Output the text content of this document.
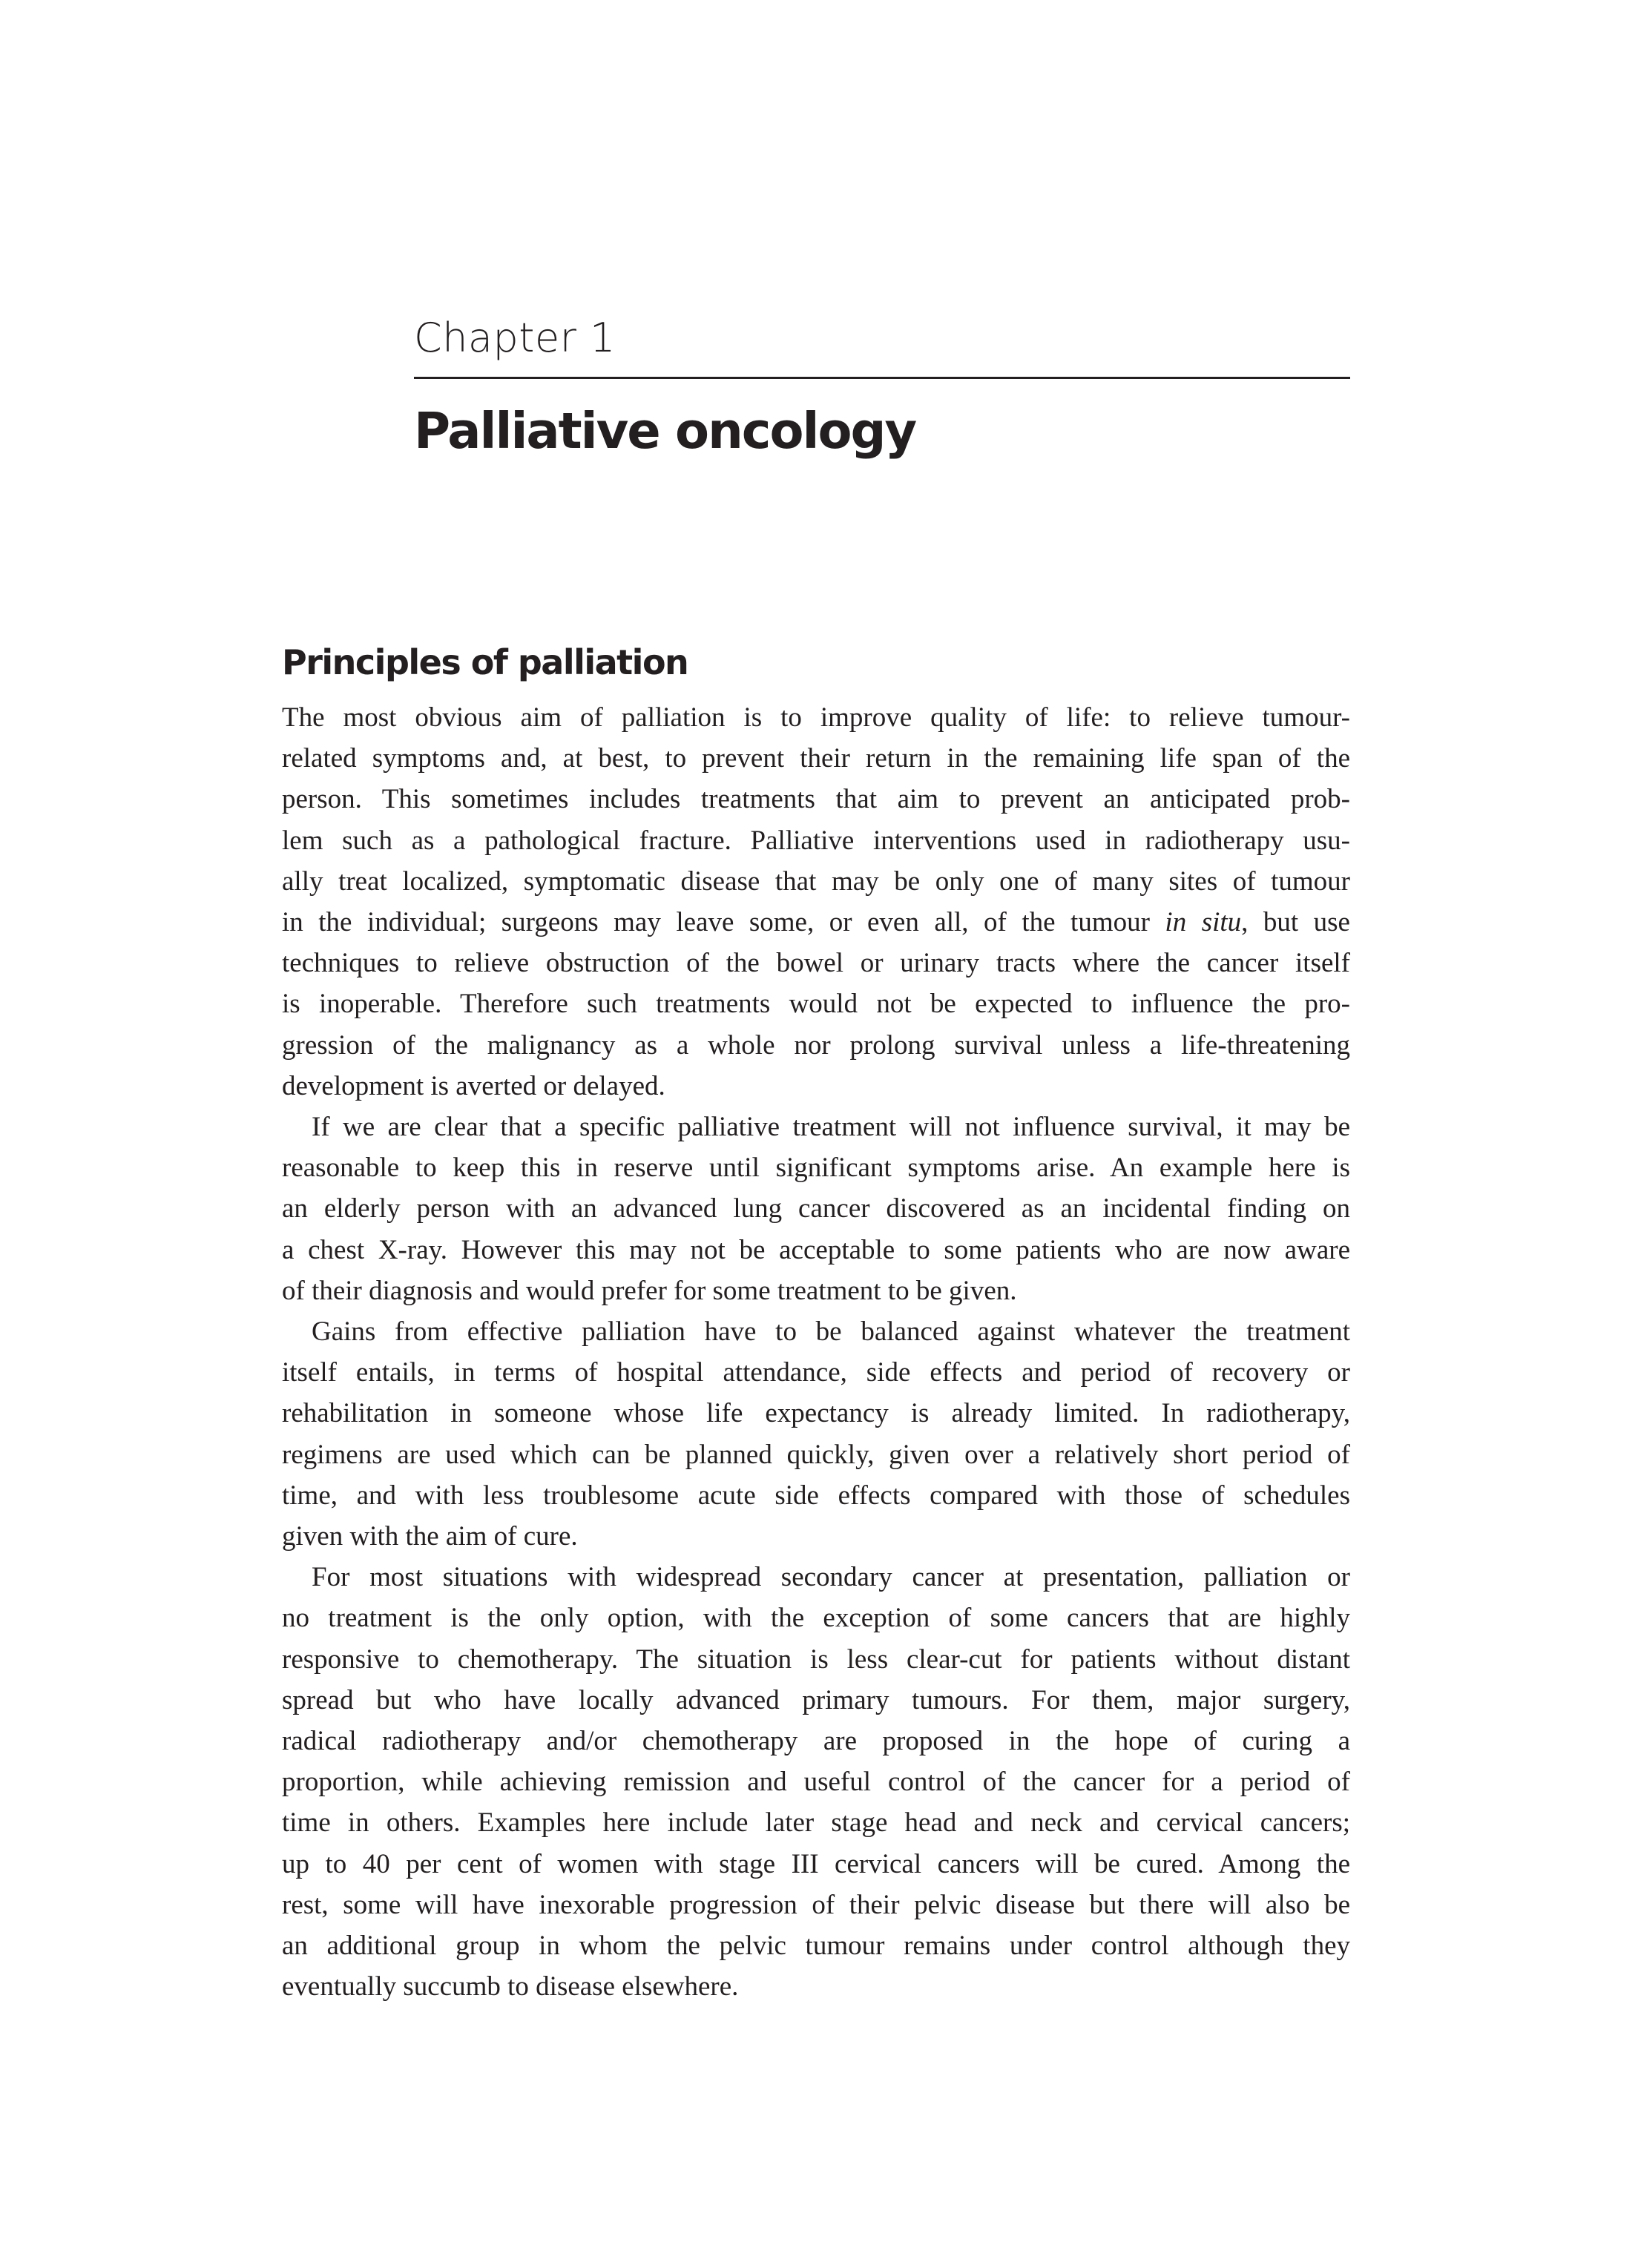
Chapter 1
Palliative oncology
Principles of palliation

The most obvious aim of palliation is to improve quality of life: to relieve tumour-
related symptoms and, at best, to prevent their return in the remaining life span of the
person. This sometimes includes treatments that aim to prevent an anticipated prob-
lem such as a pathological fracture. Palliative interventions used in radiotherapy usu-
ally treat localized, symptomatic disease that may be only one of many sites of tumour
in the individual; surgeons may leave some, or even all, of the tumour in situ, but use
techniques to relieve obstruction of the bowel or urinary tracts where the cancer itself
is inoperable. Therefore such treatments would not be expected to influence the pro-
gression of the malignancy as a whole nor prolong survival unless a life-threatening
development is averted or delayed.

If we are clear that a specific palliative treatment will not influence survival, it may be
reasonable to keep this in reserve until significant symptoms arise. An example here is
an elderly person with an advanced lung cancer discovered as an incidental finding on
a chest X-ray. However this may not be acceptable to some patients who are now aware
of their diagnosis and would prefer for some treatment to be given.

Gains from effective palliation have to be balanced against whatever the treatment
itself entails, in terms of hospital attendance, side effects and period of recovery or
rehabilitation in someone whose life expectancy is already limited. In radiotherapy,
regimens are used which can be planned quickly, given over a relatively short period of
time, and with less troublesome acute side effects compared with those of schedules
given with the aim of cure.

For most situations with widespread secondary cancer at presentation, palliation or
no treatment is the only option, with the exception of some cancers that are highly
responsive to chemotherapy. The situation is less clear-cut for patients without distant
spread but who have locally advanced primary tumours. For them, major surgery,
radical radiotherapy and/or chemotherapy are proposed in the hope of curing a
proportion, while achieving remission and useful control of the cancer for a period of
time in others. Examples here include later stage head and neck and cervical cancers;
up to 40 per cent of women with stage III cervical cancers will be cured. Among the
rest, some will have inexorable progression of their pelvic disease but there will also be
an additional group in whom the pelvic tumour remains under control although they
eventually succumb to disease elsewhere.
